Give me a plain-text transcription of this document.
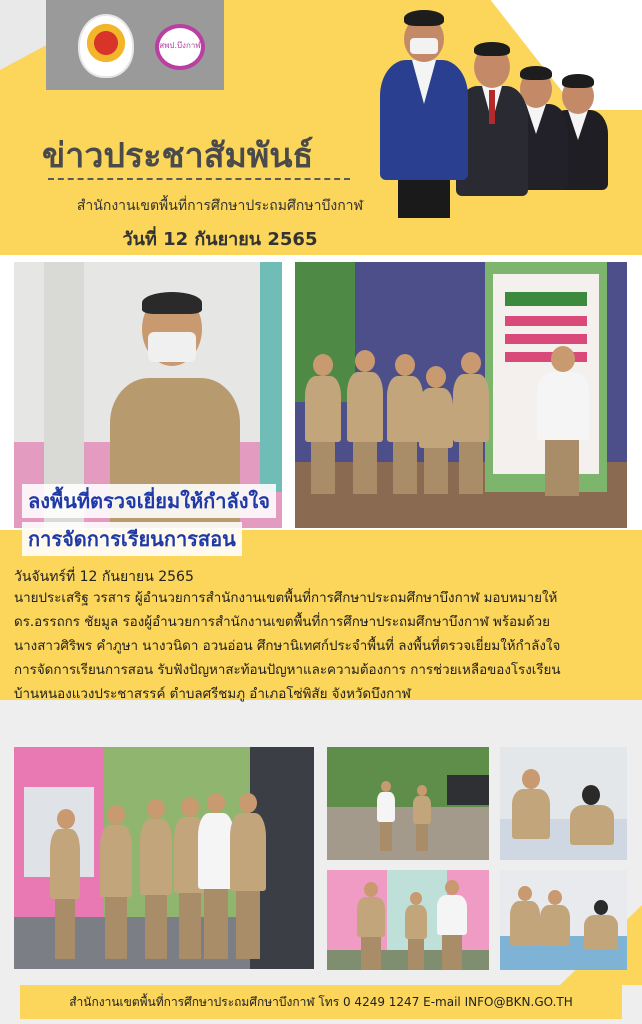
สพป.บึงกาฬ
ข่าวประชาสัมพันธ์
สำนักงานเขตพื้นที่การศึกษาประถมศึกษาบึงกาฬ
วันที่ 12 กันยายน 2565
ลงพื้นที่ตรวจเยี่ยมให้กำลังใจ
การจัดการเรียนการสอน
วันจันทร์ที่ 12 กันยายน 2565
นายประเสริฐ วรสาร ผู้อำนวยการสำนักงานเขตพื้นที่การศึกษาประถมศึกษาบึงกาฬ มอบหมายให้
ดร.อรรถกร ชัยมูล รองผู้อำนวยการสำนักงานเขตพื้นที่การศึกษาประถมศึกษาบึงกาฬ พร้อมด้วย
นางสาวศิริพร คำภูษา นางวนิดา อวนอ่อน ศึกษานิเทศก์ประจำพื้นที่ ลงพื้นที่ตรวจเยี่ยมให้กำลังใจ
การจัดการเรียนการสอน รับฟังปัญหาสะท้อนปัญหาและความต้องการ การช่วยเหลือของโรงเรียน
บ้านหนองแวงประชาสรรค์ ตำบลศรีชมภู อำเภอโซ่พิสัย จังหวัดบึงกาฬ
สำนักงานเขตพื้นที่การศึกษาประถมศึกษาบึงกาฬ โทร 0 4249 1247 E-mail INFO@BKN.GO.TH
